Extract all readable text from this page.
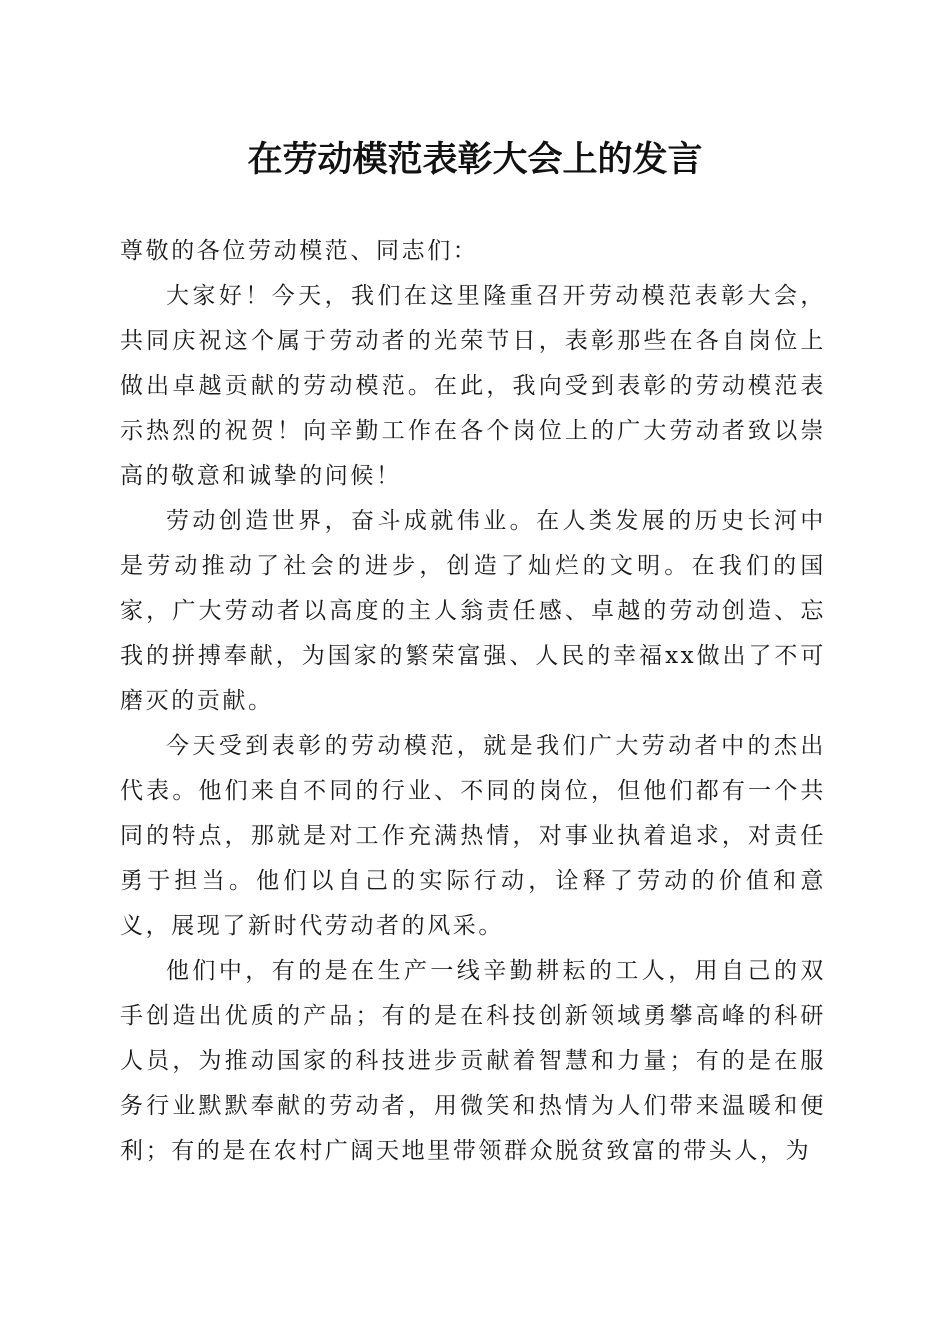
在劳动模范表彰大会上的发言

尊敬的各位劳动模范、同志们：

大家好！今天，我们在这里隆重召开劳动模范表彰大会，共同庆祝这个属于劳动者的光荣节日，表彰那些在各自岗位上做出卓越贡献的劳动模范。在此，我向受到表彰的劳动模范表示热烈的祝贺！向辛勤工作在各个岗位上的广大劳动者致以崇高的敬意和诚挚的问候！

劳动创造世界，奋斗成就伟业。在人类发展的历史长河中是劳动推动了社会的进步，创造了灿烂的文明。在我们的国家，广大劳动者以高度的主人翁责任感、卓越的劳动创造、忘我的拼搏奉献，为国家的繁荣富强、人民的幸福xx做出了不可磨灭的贡献。

今天受到表彰的劳动模范，就是我们广大劳动者中的杰出代表。他们来自不同的行业、不同的岗位，但他们都有一个共同的特点，那就是对工作充满热情，对事业执着追求，对责任勇于担当。他们以自己的实际行动，诠释了劳动的价值和意义，展现了新时代劳动者的风采。

他们中，有的是在生产一线辛勤耕耘的工人，用自己的双手创造出优质的产品；有的是在科技创新领域勇攀高峰的科研人员，为推动国家的科技进步贡献着智慧和力量；有的是在服务行业默默奉献的劳动者，用微笑和热情为人们带来温暖和便利；有的是在农村广阔天地里带领群众脱贫致富的带头人，为
